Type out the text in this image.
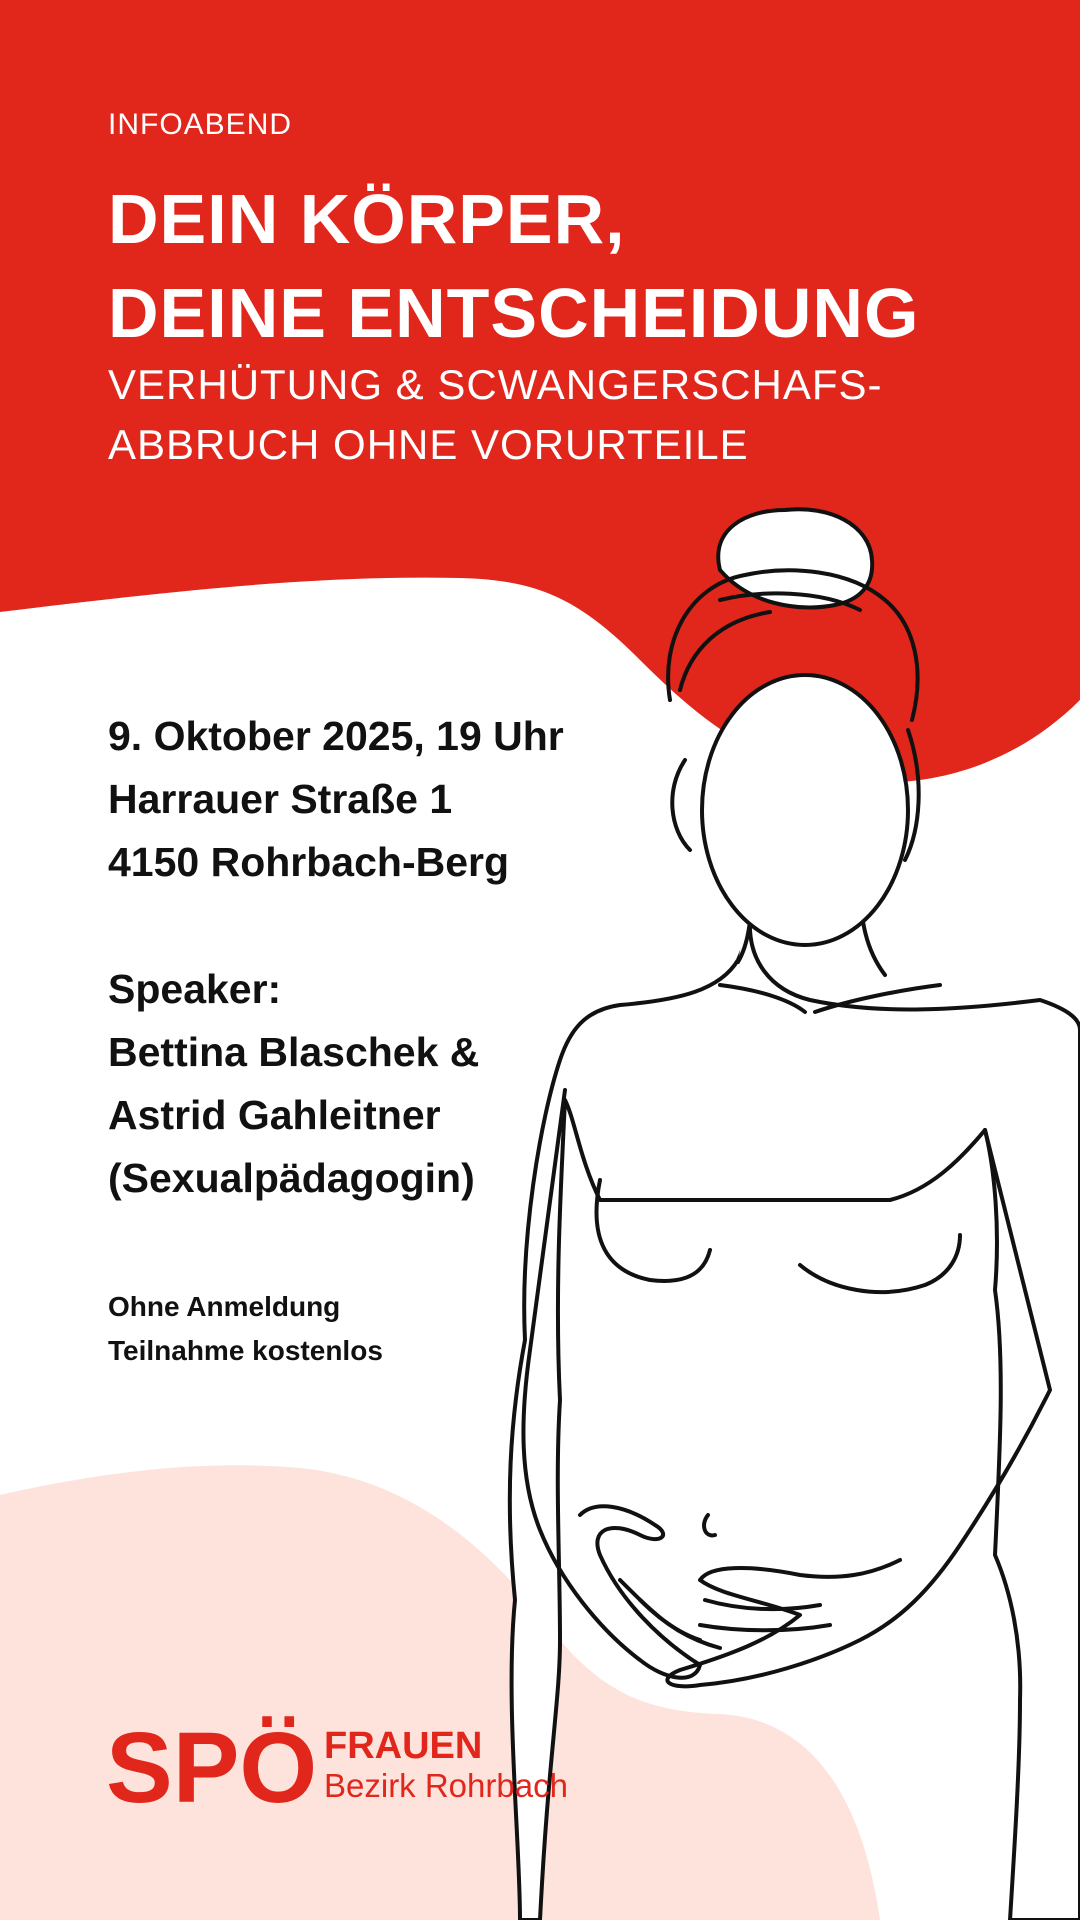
INFOABEND
DEIN KÖRPER,
DEINE ENTSCHEIDUNG
VERHÜTUNG & SCWANGERSCHAFS-
ABBRUCH OHNE VORURTEILE
9. Oktober 2025, 19 Uhr
Harrauer Straße 1
4150 Rohrbach-Berg
Speaker:
Bettina Blaschek &
Astrid Gahleitner
(Sexualpädagogin)
Ohne Anmeldung
Teilnahme kostenlos
SPÖ FRAUEN
Bezirk Rohrbach
